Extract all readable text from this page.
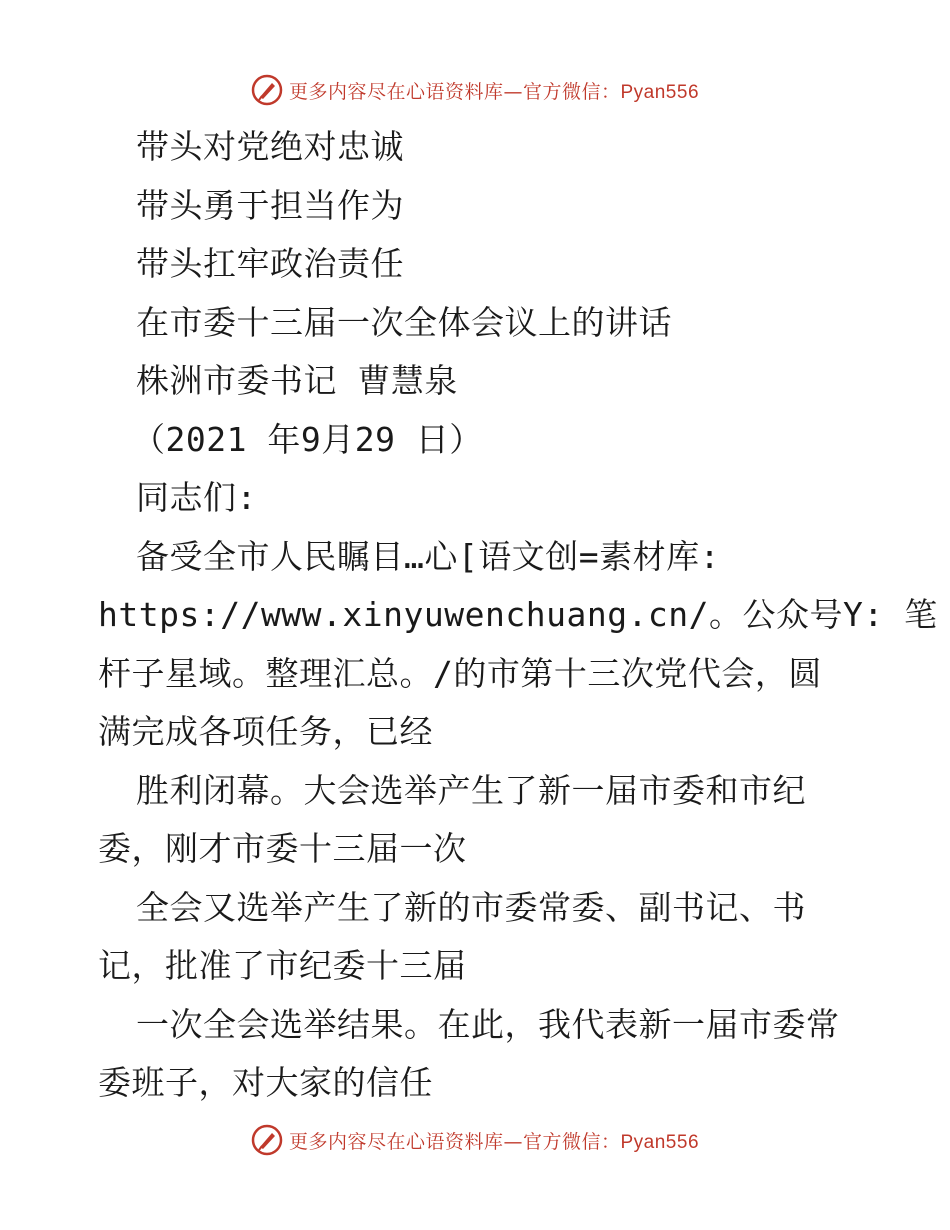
更多内容尽在心语资料库—官方微信：Pyan556
带头对党绝对忠诚
带头勇于担当作为
带头扛牢政治责任
在市委十三届一次全体会议上的讲话
株洲市委书记 曹慧泉
（2021 年9月29 日）
同志们:
备受全市人民瞩目…心[语文创=素材库:
https://www.xinyuwenchuang.cn/。公众号Y: 笔
杆子星域。整理汇总。/的市第十三次党代会，圆
满完成各项任务，已经
胜利闭幕。大会选举产生了新一届市委和市纪
委，刚才市委十三届一次
全会又选举产生了新的市委常委、副书记、书
记，批准了市纪委十三届
一次全会选举结果。在此，我代表新一届市委常
委班子，对大家的信任
更多内容尽在心语资料库—官方微信：Pyan556
